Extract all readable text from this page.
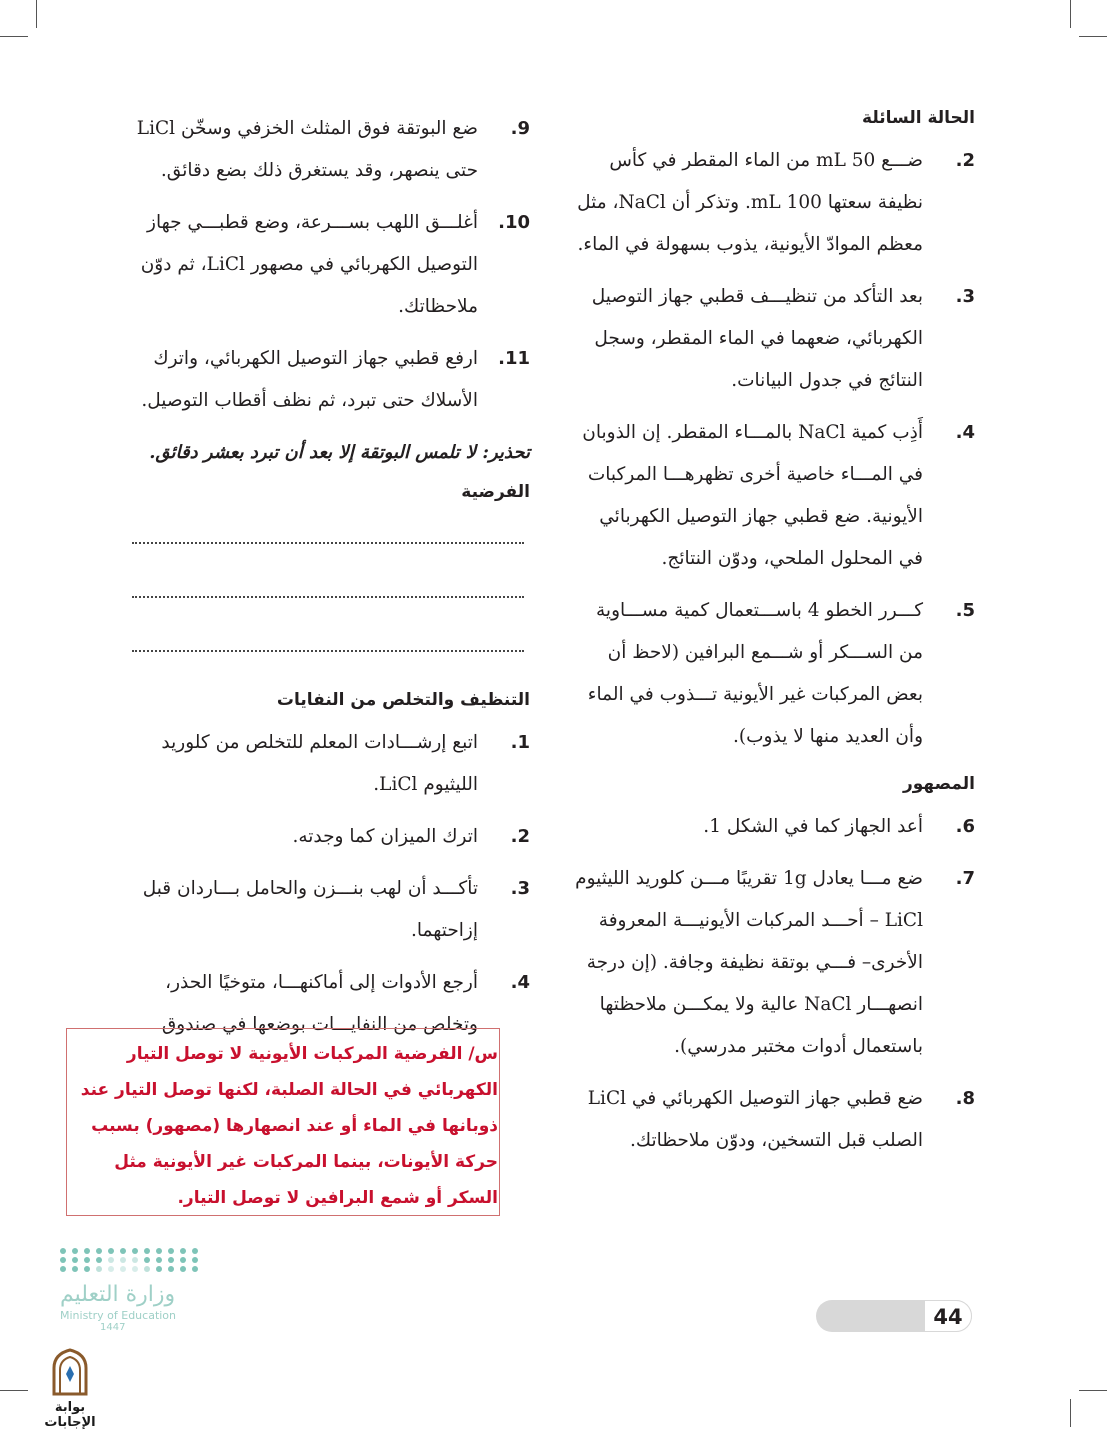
الحالة السائلة
2.
ضـــع 50 mL من الماء المقطر في كأس نظيفة سعتها 100 mL. وتذكر أن NaCl، مثل معظم الموادّ الأيونية، يذوب بسهولة في الماء.
3.
بعد التأكد من تنظيـــف قطبي جهاز التوصيل الكهربائي، ضعهما في الماء المقطر، وسجل النتائج في جدول البيانات.
4.
أَذِب كمية NaCl بالمـــاء المقطر. إن الذوبان في المـــاء خاصية أخرى تظهرهـــا المركبات الأيونية. ضع قطبي جهاز التوصيل الكهربائي في المحلول الملحي، ودوّن النتائج.
5.
كـــرر الخطو 4 باســـتعمال كمية مســـاوية من الســـكر أو شـــمع البرافين (لاحظ أن بعض المركبات غير الأيونية تـــذوب في الماء وأن العديد منها لا يذوب).
المصهور
6.
أعد الجهاز كما في الشكل 1.
7.
ضع مـــا يعادل 1g تقريبًا مـــن كلوريد الليثيوم LiCl – أحـــد المركبات الأيونيـــة المعروفة الأخرى– فـــي بوتقة نظيفة وجافة. (إن درجة انصهـــار NaCl عالية ولا يمكـــن ملاحظتها باستعمال أدوات مختبر مدرسي).
8.
ضع قطبي جهاز التوصيل الكهربائي في LiCl الصلب قبل التسخين، ودوّن ملاحظاتك.
9.
ضع البوتقة فوق المثلث الخزفي وسخّن LiCl حتى ينصهر، وقد يستغرق ذلك بضع دقائق.
10.
أغلـــق اللهب بســـرعة، وضع قطبـــي جهاز التوصيل الكهربائي في مصهور LiCl، ثم دوّن ملاحظاتك.
11.
ارفع قطبي جهاز التوصيل الكهربائي، واترك الأسلاك حتى تبرد، ثم نظف أقطاب التوصيل.

تحذير: لا تلمس البوتقة إلا بعد أن تبرد بعشر دقائق.

الفرضية
التنظيف والتخلص من النفايات
1.
اتبع إرشـــادات المعلم للتخلص من كلوريد الليثيوم LiCl.
2.
اترك الميزان كما وجدته.
3.
تأكـــد أن لهب بنـــزن والحامل بـــاردان قبل إزاحتهما.
4.
أرجع الأدوات إلى أماكنهـــا، متوخيًا الحذر، وتخلص من النفايـــات بوضعها في صندوق
س/ الفرضية المركبات الأيونية لا توصل التيار الكهربائي في الحالة الصلبة، لكنها توصل التيار عند ذوبانها في الماء أو عند انصهارها (مصهور) بسبب حركة الأيونات، بينما المركبات غير الأيونية مثل السكر أو شمع البرافين لا توصل التيار.
44
وزارة التعليم
Ministry of Education
1447
بوابة الإجابات
